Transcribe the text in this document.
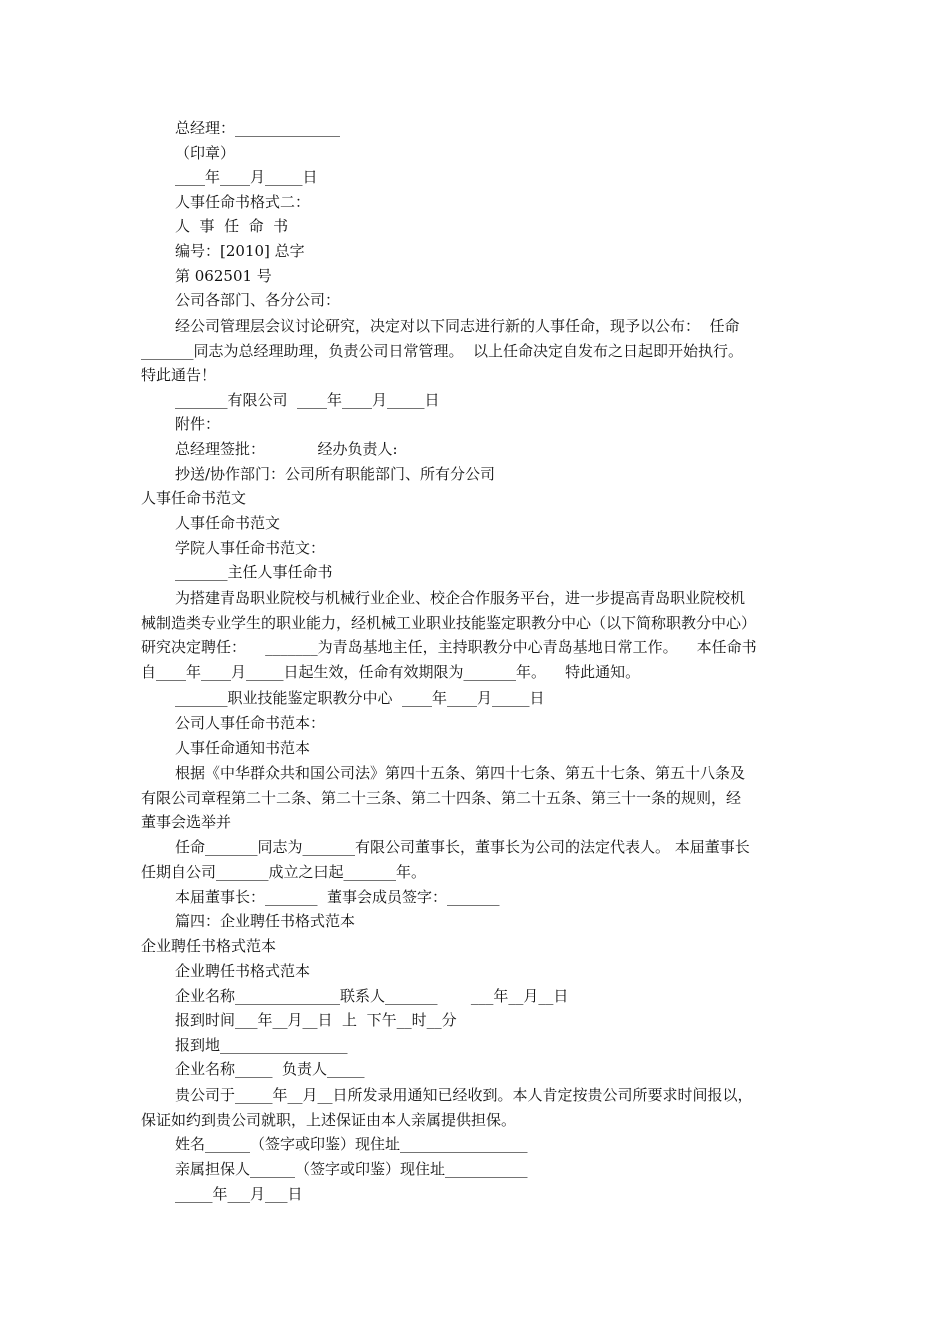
总经理：______________
（印章）
____年____月_____日
人事任命书格式二：
人  事  任  命  书
编号：[2010] 总字
第 062501 号
公司各部门、各分公司：
经公司管理层会议讨论研究，决定对以下同志进行新的人事任命，现予以公布：  任命
_______同志为总经理助理，负责公司日常管理。  以上任命决定自发布之日起即开始执行。
特此通告！
_______有限公司  ____年____月_____日
附件：
总经理签批：           经办负责人:
抄送/协作部门：公司所有职能部门、所有分公司
人事任命书范文
人事任命书范文
学院人事任命书范文：
_______主任人事任命书
为搭建青岛职业院校与机械行业企业、校企合作服务平台，进一步提高青岛职业院校机
械制造类专业学生的职业能力，经机械工业职业技能鉴定职教分中心（以下简称职教分中心）
研究决定聘任：    _______为青岛基地主任，主持职教分中心青岛基地日常工作。    本任命书
自____年____月_____日起生效，任命有效期限为_______年。    特此通知。
_______职业技能鉴定职教分中心  ____年____月_____日
公司人事任命书范本：
人事任命通知书范本
根据《中华群众共和国公司法》第四十五条、第四十七条、第五十七条、第五十八条及
有限公司章程第二十二条、第二十三条、第二十四条、第二十五条、第三十一条的规则，经
董事会选举并
任命_______同志为_______有限公司董事长，董事长为公司的法定代表人。 本届董事长
任期自公司_______成立之曰起_______年。
本届董事长：_______  董事会成员签字：_______
篇四：企业聘任书格式范本
企业聘任书格式范本
企业聘任书格式范本
企业名称______________联系人_______       ___年__月__日
报到时间___年__月__日  上  下午__时__分
报到地_________________
企业名称_____  负责人_____
贵公司于_____年__月__日所发录用通知已经收到。本人肯定按贵公司所要求时间报以，
保证如约到贵公司就职，上述保证由本人亲属提供担保。
姓名______（签字或印鉴）现住址_________________
亲属担保人______（签字或印鉴）现住址___________
_____年___月___日
